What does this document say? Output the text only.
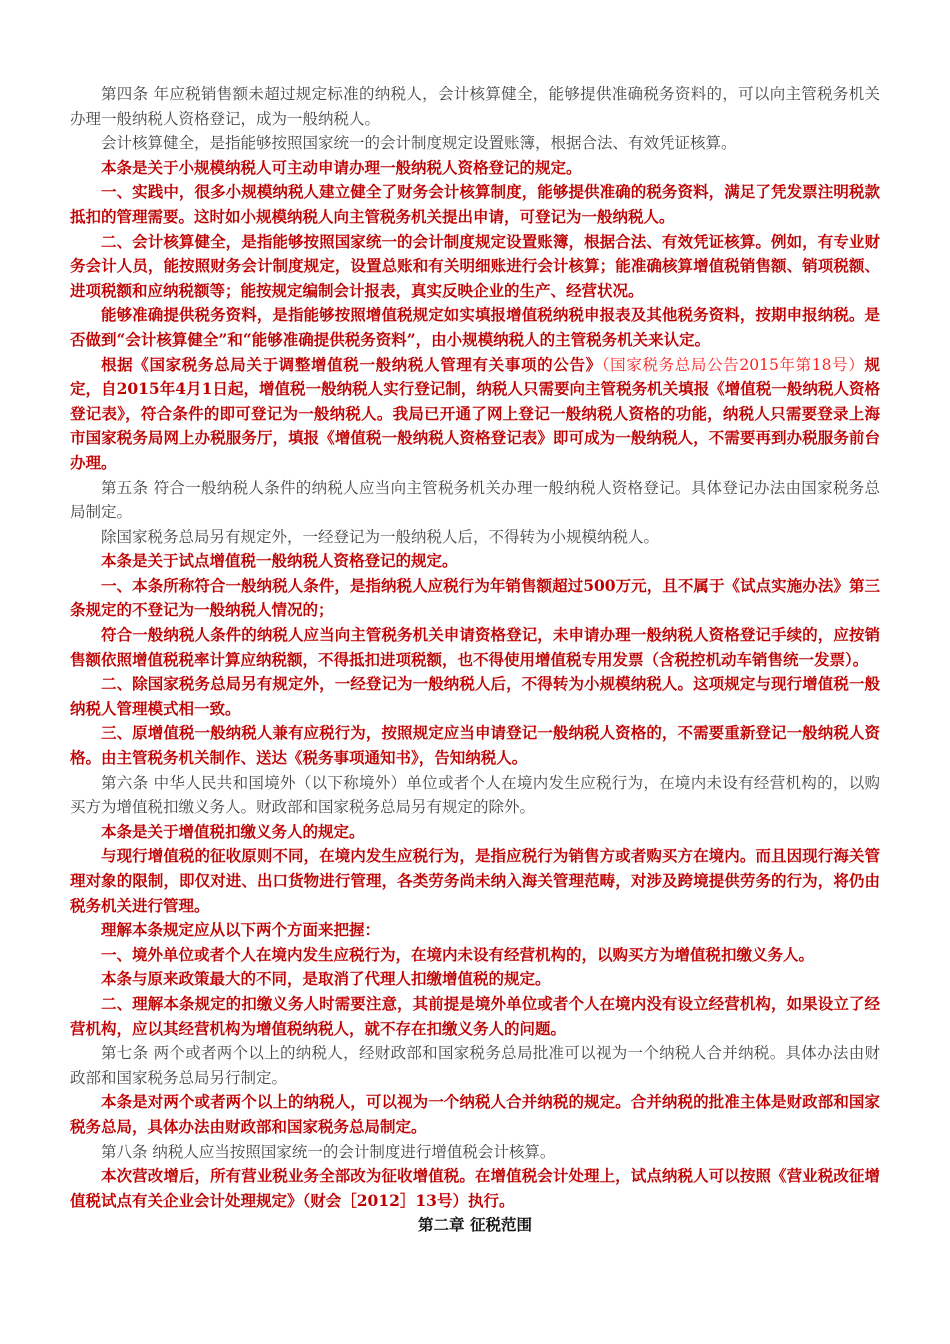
第四条 年应税销售额未超过规定标准的纳税人，会计核算健全，能够提供准确税务资料的，可以向主管税务机关办理一般纳税人资格登记，成为一般纳税人。

会计核算健全，是指能够按照国家统一的会计制度规定设置账簿，根据合法、有效凭证核算。

本条是关于小规模纳税人可主动申请办理一般纳税人资格登记的规定。

一、实践中，很多小规模纳税人建立健全了财务会计核算制度，能够提供准确的税务资料，满足了凭发票注明税款抵扣的管理需要。这时如小规模纳税人向主管税务机关提出申请，可登记为一般纳税人。

二、会计核算健全，是指能够按照国家统一的会计制度规定设置账簿，根据合法、有效凭证核算。例如，有专业财务会计人员，能按照财务会计制度规定，设置总账和有关明细账进行会计核算；能准确核算增值税销售额、销项税额、进项税额和应纳税额等；能按规定编制会计报表，真实反映企业的生产、经营状况。

能够准确提供税务资料，是指能够按照增值税规定如实填报增值税纳税申报表及其他税务资料，按期申报纳税。是否做到“会计核算健全”和“能够准确提供税务资料”，由小规模纳税人的主管税务机关来认定。

根据《国家税务总局关于调整增值税一般纳税人管理有关事项的公告》（国家税务总局公告2015年第18号）规定，自2015年4月1日起，增值税一般纳税人实行登记制，纳税人只需要向主管税务机关填报《增值税一般纳税人资格登记表》，符合条件的即可登记为一般纳税人。我局已开通了网上登记一般纳税人资格的功能，纳税人只需要登录上海市国家税务局网上办税服务厅，填报《增值税一般纳税人资格登记表》即可成为一般纳税人，不需要再到办税服务前台办理。

第五条 符合一般纳税人条件的纳税人应当向主管税务机关办理一般纳税人资格登记。具体登记办法由国家税务总局制定。

除国家税务总局另有规定外，一经登记为一般纳税人后，不得转为小规模纳税人。

本条是关于试点增值税一般纳税人资格登记的规定。

一、本条所称符合一般纳税人条件，是指纳税人应税行为年销售额超过500万元，且不属于《试点实施办法》第三条规定的不登记为一般纳税人情况的；

符合一般纳税人条件的纳税人应当向主管税务机关申请资格登记，未申请办理一般纳税人资格登记手续的，应按销售额依照增值税税率计算应纳税额，不得抵扣进项税额，也不得使用增值税专用发票（含税控机动车销售统一发票）。

二、除国家税务总局另有规定外，一经登记为一般纳税人后，不得转为小规模纳税人。这项规定与现行增值税一般纳税人管理模式相一致。

三、原增值税一般纳税人兼有应税行为，按照规定应当申请登记一般纳税人资格的，不需要重新登记一般纳税人资格。由主管税务机关制作、送达《税务事项通知书》，告知纳税人。

第六条 中华人民共和国境外（以下称境外）单位或者个人在境内发生应税行为，在境内未设有经营机构的，以购买方为增值税扣缴义务人。财政部和国家税务总局另有规定的除外。

本条是关于增值税扣缴义务人的规定。

与现行增值税的征收原则不同，在境内发生应税行为，是指应税行为销售方或者购买方在境内。而且因现行海关管理对象的限制，即仅对进、出口货物进行管理，各类劳务尚未纳入海关管理范畴，对涉及跨境提供劳务的行为，将仍由税务机关进行管理。

理解本条规定应从以下两个方面来把握：

一、境外单位或者个人在境内发生应税行为，在境内未设有经营机构的，以购买方为增值税扣缴义务人。

本条与原来政策最大的不同，是取消了代理人扣缴增值税的规定。

二、理解本条规定的扣缴义务人时需要注意，其前提是境外单位或者个人在境内没有设立经营机构，如果设立了经营机构，应以其经营机构为增值税纳税人，就不存在扣缴义务人的问题。

第七条 两个或者两个以上的纳税人，经财政部和国家税务总局批准可以视为一个纳税人合并纳税。具体办法由财政部和国家税务总局另行制定。

本条是对两个或者两个以上的纳税人，可以视为一个纳税人合并纳税的规定。合并纳税的批准主体是财政部和国家税务总局，具体办法由财政部和国家税务总局制定。

第八条 纳税人应当按照国家统一的会计制度进行增值税会计核算。

本次营改增后，所有营业税业务全部改为征收增值税。在增值税会计处理上，试点纳税人可以按照《营业税改征增值税试点有关企业会计处理规定》（财会［2012］13号）执行。

第二章 征税范围
